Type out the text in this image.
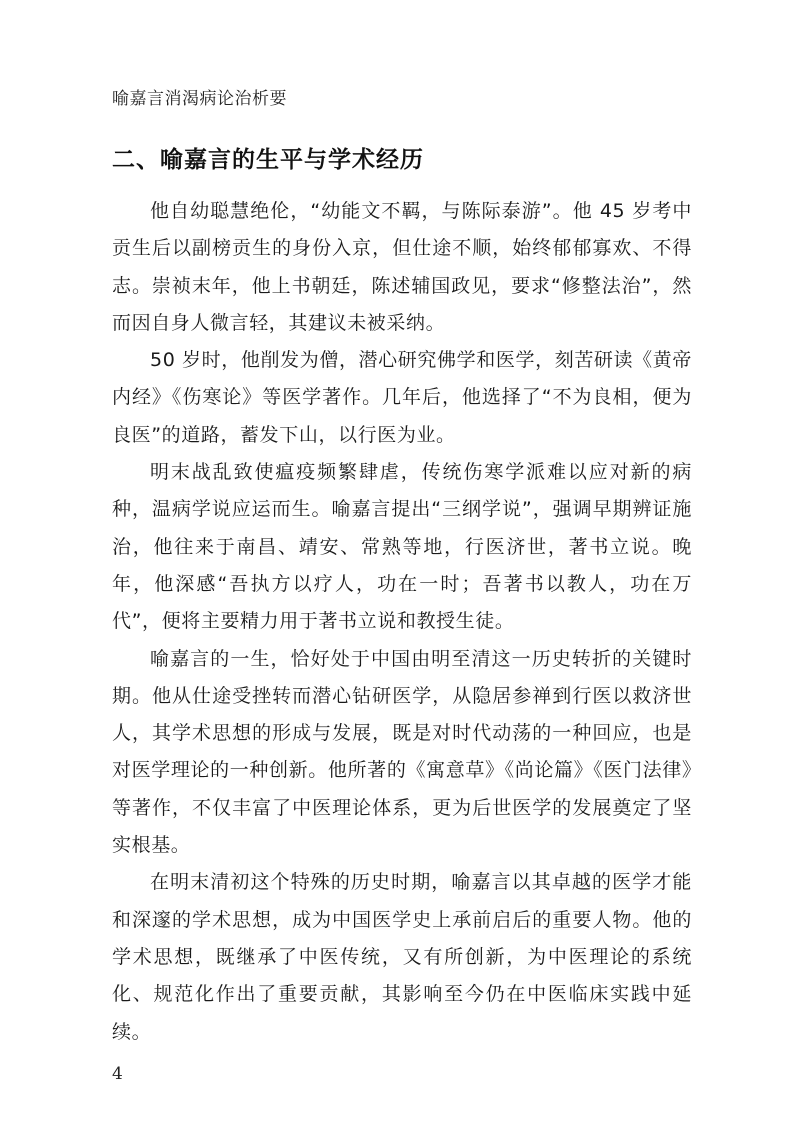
喻嘉言消渴病论治析要
二、喻嘉言的生平与学术经历

他自幼聪慧绝伦，“幼能文不羁，与陈际泰游”。他 45 岁考中贡生后以副榜贡生的身份入京，但仕途不顺，始终郁郁寡欢、不得志。崇祯末年，他上书朝廷，陈述辅国政见，要求“修整法治”，然而因自身人微言轻，其建议未被采纳。

50 岁时，他削发为僧，潜心研究佛学和医学，刻苦研读《黄帝内经》《伤寒论》等医学著作。几年后，他选择了“不为良相，便为良医”的道路，蓄发下山，以行医为业。

明末战乱致使瘟疫频繁肆虐，传统伤寒学派难以应对新的病种，温病学说应运而生。喻嘉言提出“三纲学说”，强调早期辨证施治，他往来于南昌、靖安、常熟等地，行医济世，著书立说。晚年，他深感“吾执方以疗人，功在一时；吾著书以教人，功在万代”，便将主要精力用于著书立说和教授生徒。

喻嘉言的一生，恰好处于中国由明至清这一历史转折的关键时期。他从仕途受挫转而潜心钻研医学，从隐居参禅到行医以救济世人，其学术思想的形成与发展，既是对时代动荡的一种回应，也是对医学理论的一种创新。他所著的《寓意草》《尚论篇》《医门法律》等著作，不仅丰富了中医理论体系，更为后世医学的发展奠定了坚实根基。

在明末清初这个特殊的历史时期，喻嘉言以其卓越的医学才能和深邃的学术思想，成为中国医学史上承前启后的重要人物。他的学术思想，既继承了中医传统，又有所创新，为中医理论的系统化、规范化作出了重要贡献，其影响至今仍在中医临床实践中延续。

4
